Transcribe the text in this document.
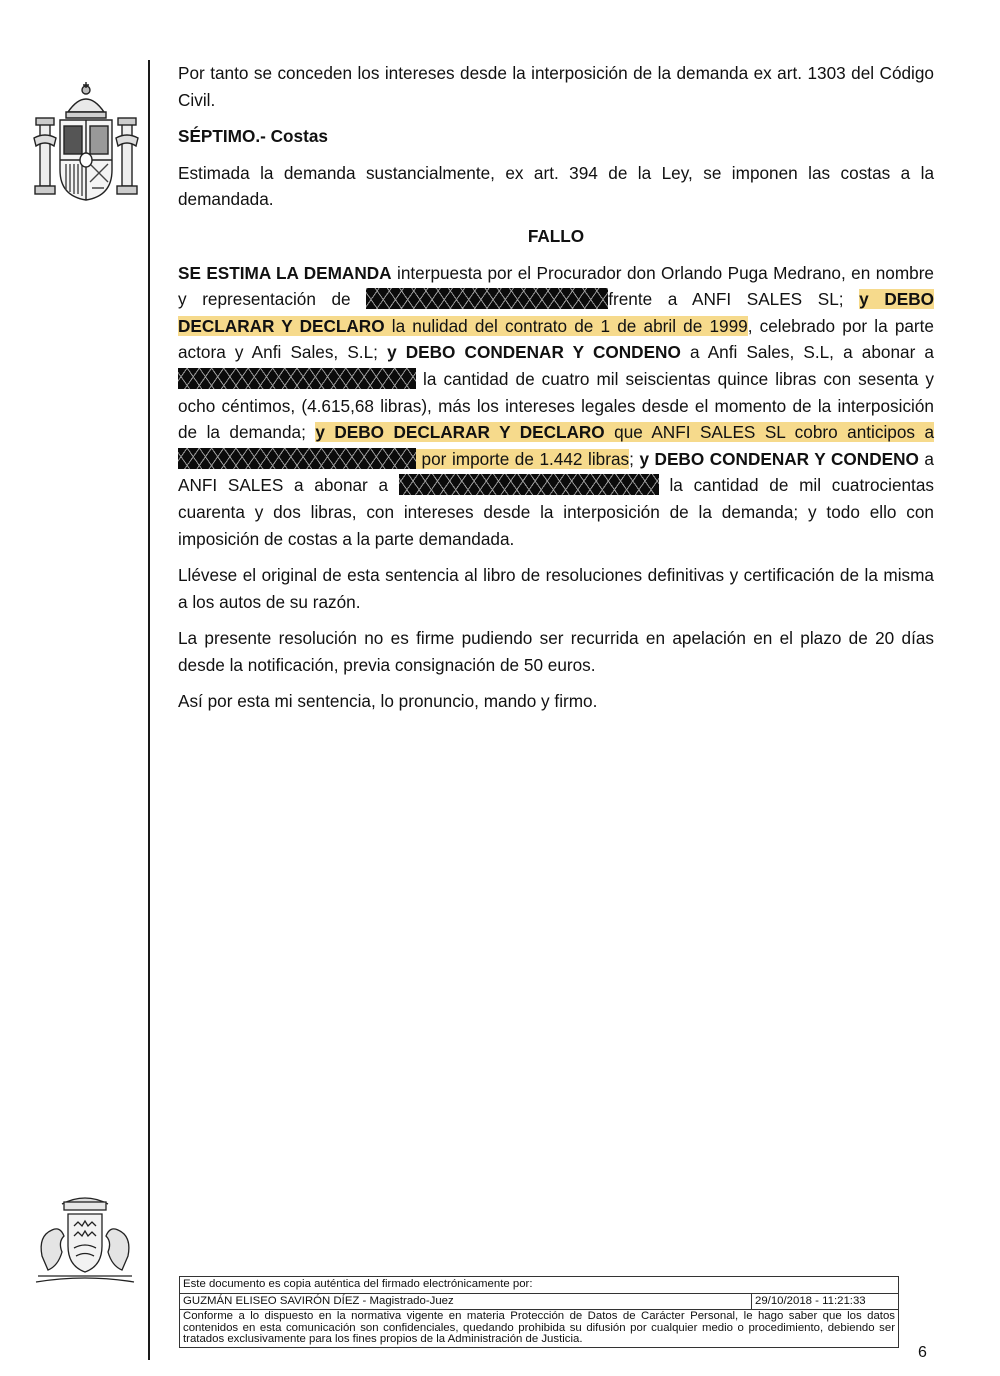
Por tanto se conceden los intereses desde la interposición de la demanda ex art. 1303 del Código Civil.

SÉPTIMO.- Costas

Estimada la demanda sustancialmente, ex art. 394 de la Ley, se imponen las costas a la demandada.

FALLO

SE ESTIMA LA DEMANDA interpuesta por el Procurador don Orlando Puga Medrano, en nombre y representación de	frente a ANFI SALES SL; y DEBO DECLARAR Y DECLARO la nulidad del contrato de 1 de abril de 1999, celebrado por la parte actora y Anfi Sales, S.L; y DEBO CONDENAR Y CONDENO a Anfi Sales, S.L, a abonar a  la cantidad de cuatro mil seiscientas quince libras con sesenta y ocho céntimos, (4.615,68 libras), más los intereses legales desde el momento de la interposición de la demanda; y DEBO DECLARAR Y DECLARO que ANFI SALES SL cobro anticipos a  por importe de 1.442 libras; y DEBO CONDENAR Y CONDENO a ANFI SALES a abonar a	la cantidad de mil cuatrocientas cuarenta y dos libras, con intereses desde la interposición de la demanda; y todo ello con imposición de costas a la parte demandada.

Llévese el original de esta sentencia al libro de resoluciones definitivas y certificación de la misma a los autos de su razón.

La presente resolución no es firme pudiendo ser recurrida en apelación en el plazo de 20 días desde la notificación, previa consignación de 50 euros.

Así por esta mi sentencia, lo pronuncio, mando y firmo.

Este documento es copia auténtica del firmado electrónicamente por:
GUZMÁN ELISEO SAVIRÓN DÍEZ - Magistrado-Juez	29/10/2018 - 11:21:33
Conforme a lo dispuesto en la normativa vigente en materia Protección de Datos de Carácter Personal, le hago saber que los datos contenidos en esta comunicación son confidenciales, quedando prohibida su difusión por cualquier medio o procedimiento, debiendo ser tratados exclusivamente para los fines propios de la Administración de Justicia.
6
